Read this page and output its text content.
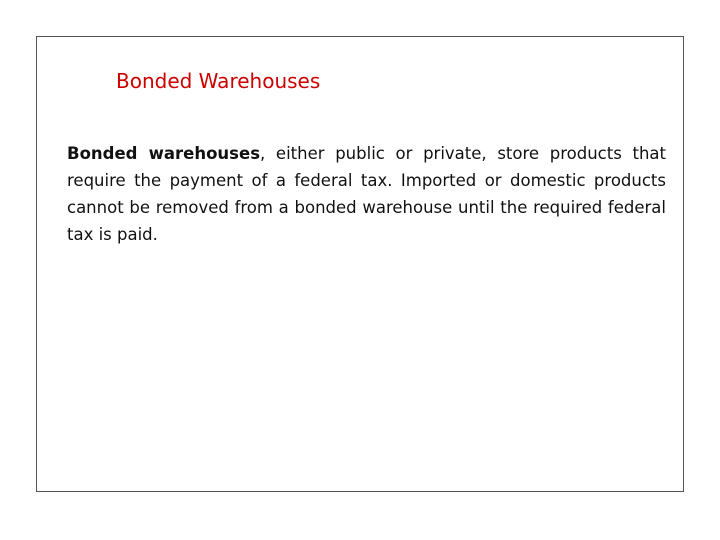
Bonded Warehouses

Bonded warehouses, either public or private, store products that require the payment of a federal tax. Imported or domestic products cannot be removed from a bonded warehouse until the required federal tax is paid.
